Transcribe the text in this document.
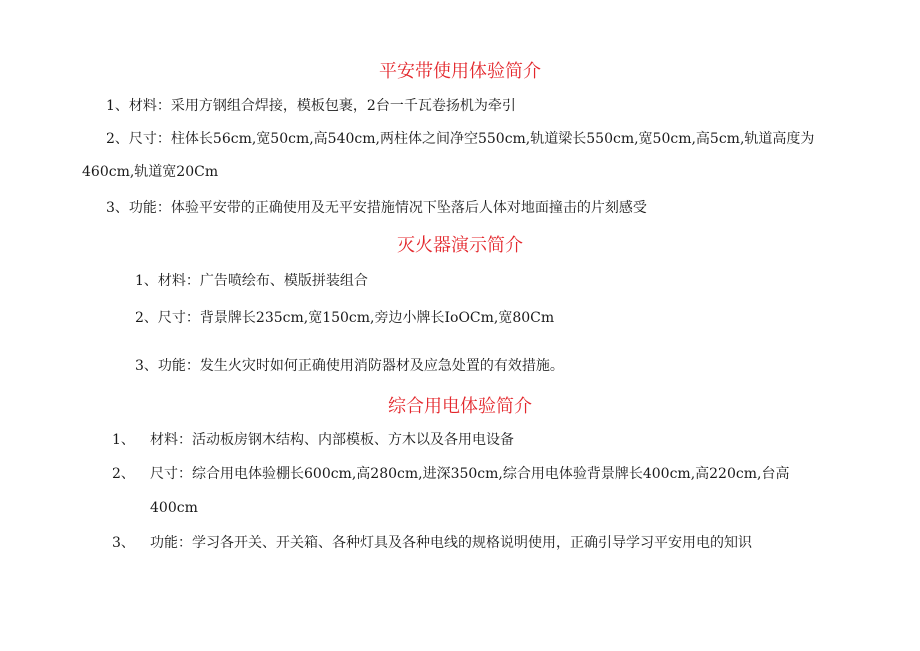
平安带使用体验简介
1、材料：采用方钢组合焊接，模板包裹，2台一千瓦卷扬机为牵引
2、尺寸：柱体长56cm,宽50cm,高540cm,两柱体之间净空550cm,轨道梁长550cm,宽50cm,高5cm,轨道高度为
460cm,轨道宽20Cm
3、功能：体验平安带的正确使用及无平安措施情况下坠落后人体对地面撞击的片刻感受
灭火器演示简介
1、材料：广告喷绘布、模版拼装组合
2、尺寸：背景牌长235cm,宽150cm,旁边小牌长IoOCm,宽80Cm
3、功能：发生火灾时如何正确使用消防器材及应急处置的有效措施。
综合用电体验简介
1、 材料：活动板房钢木结构、内部模板、方木以及各用电设备
2、 尺寸：综合用电体验棚长600cm,高280cm,进深350cm,综合用电体验背景牌长400cm,高220cm,台高
400cm
3、 功能：学习各开关、开关箱、各种灯具及各种电线的规格说明使用，正确引导学习平安用电的知识
